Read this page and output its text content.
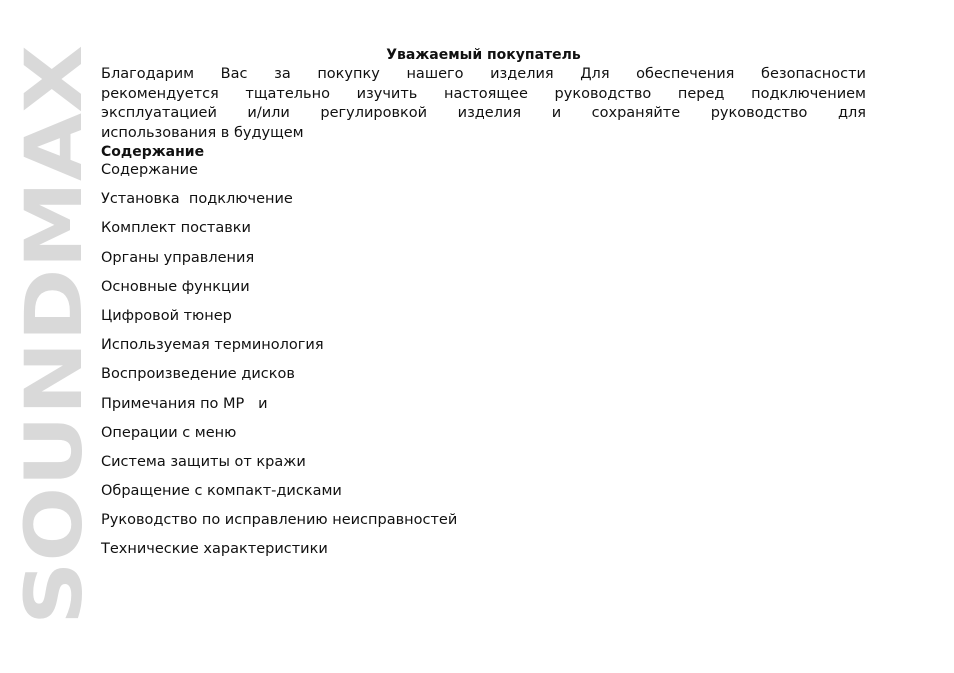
SOUNDMAX
Уважаемый покупатель
Благодарим Вас за покупку нашего изделия Для обеспечения безопасности
рекомендуется тщательно изучить настоящее руководство перед подключением
эксплуатацией и/или регулировкой изделия и сохраняйте руководство для
использования в будущем
Содержание
Содержание
Установка  подключение
Комплект поставки
Органы управления
Основные функции
Цифровой тюнер
Используемая терминология
Воспроизведение дисков
Примечания по MP   и
Операции с меню
Система защиты от кражи
Обращение с компакт-дисками
Руководство по исправлению неисправностей
Технические характеристики
